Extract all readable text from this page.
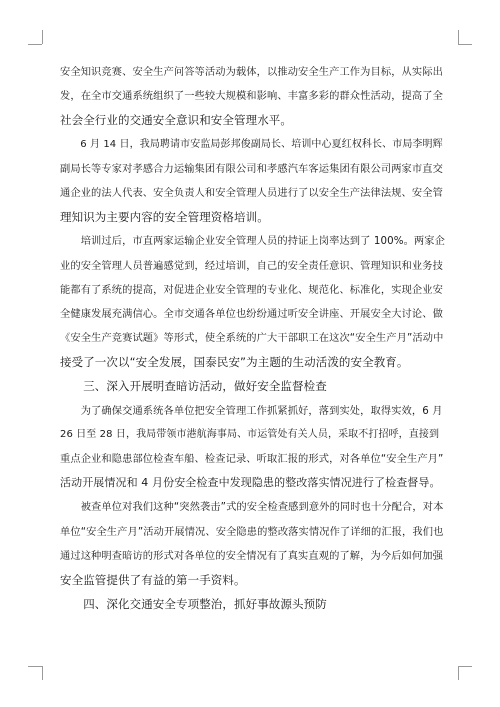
安全知识竞赛、安全生产问答等活动为载体，以推动安全生产工作为目标，从实际出
发，在全市交通系统组织了一些较大规模和影响、丰富多彩的群众性活动，提高了全
社会全行业的交通安全意识和安全管理水平。
　　6 月 14 日，我局聘请市安监局彭邦俊副局长、培训中心夏红权科长、市局李明辉
副局长等专家对孝感合力运输集团有限公司和孝感汽车客运集团有限公司两家市直交
通企业的法人代表、安全负责人和安全管理人员进行了以安全生产法律法规、安全管
理知识为主要内容的安全管理资格培训。
　　培训过后，市直两家运输企业安全管理人员的持证上岗率达到了 100%。两家企
业的安全管理人员普遍感觉到，经过培训，自己的安全责任意识、管理知识和业务技
能都有了系统的提高，对促进企业安全管理的专业化、规范化、标准化，实现企业安
全健康发展充满信心。全市交通各单位也纷纷通过听安全讲座、开展安全大讨论、做
《安全生产竞赛试题》等形式，使全系统的广大干部职工在这次“安全生产月”活动中
接受了一次以“安全发展，国泰民安”为主题的生动活泼的安全教育。
　　三、深入开展明查暗访活动，做好安全监督检查
　　为了确保交通系统各单位把安全管理工作抓紧抓好，落到实处，取得实效，6 月
26 日至 28 日，我局带领市港航海事局、市运管处有关人员，采取不打招呼，直接到
重点企业和隐患部位检查车船、检查记录、听取汇报的形式，对各单位“安全生产月”
活动开展情况和 4 月份安全检查中发现隐患的整改落实情况进行了检查督导。
　　被查单位对我们这种“突然袭击”式的安全检查感到意外的同时也十分配合，对本
单位“安全生产月”活动开展情况、安全隐患的整改落实情况作了详细的汇报，我们也
通过这种明查暗访的形式对各单位的安全情况有了真实直观的了解，为今后如何加强
安全监管提供了有益的第一手资料。
　　四、深化交通安全专项整治，抓好事故源头预防
